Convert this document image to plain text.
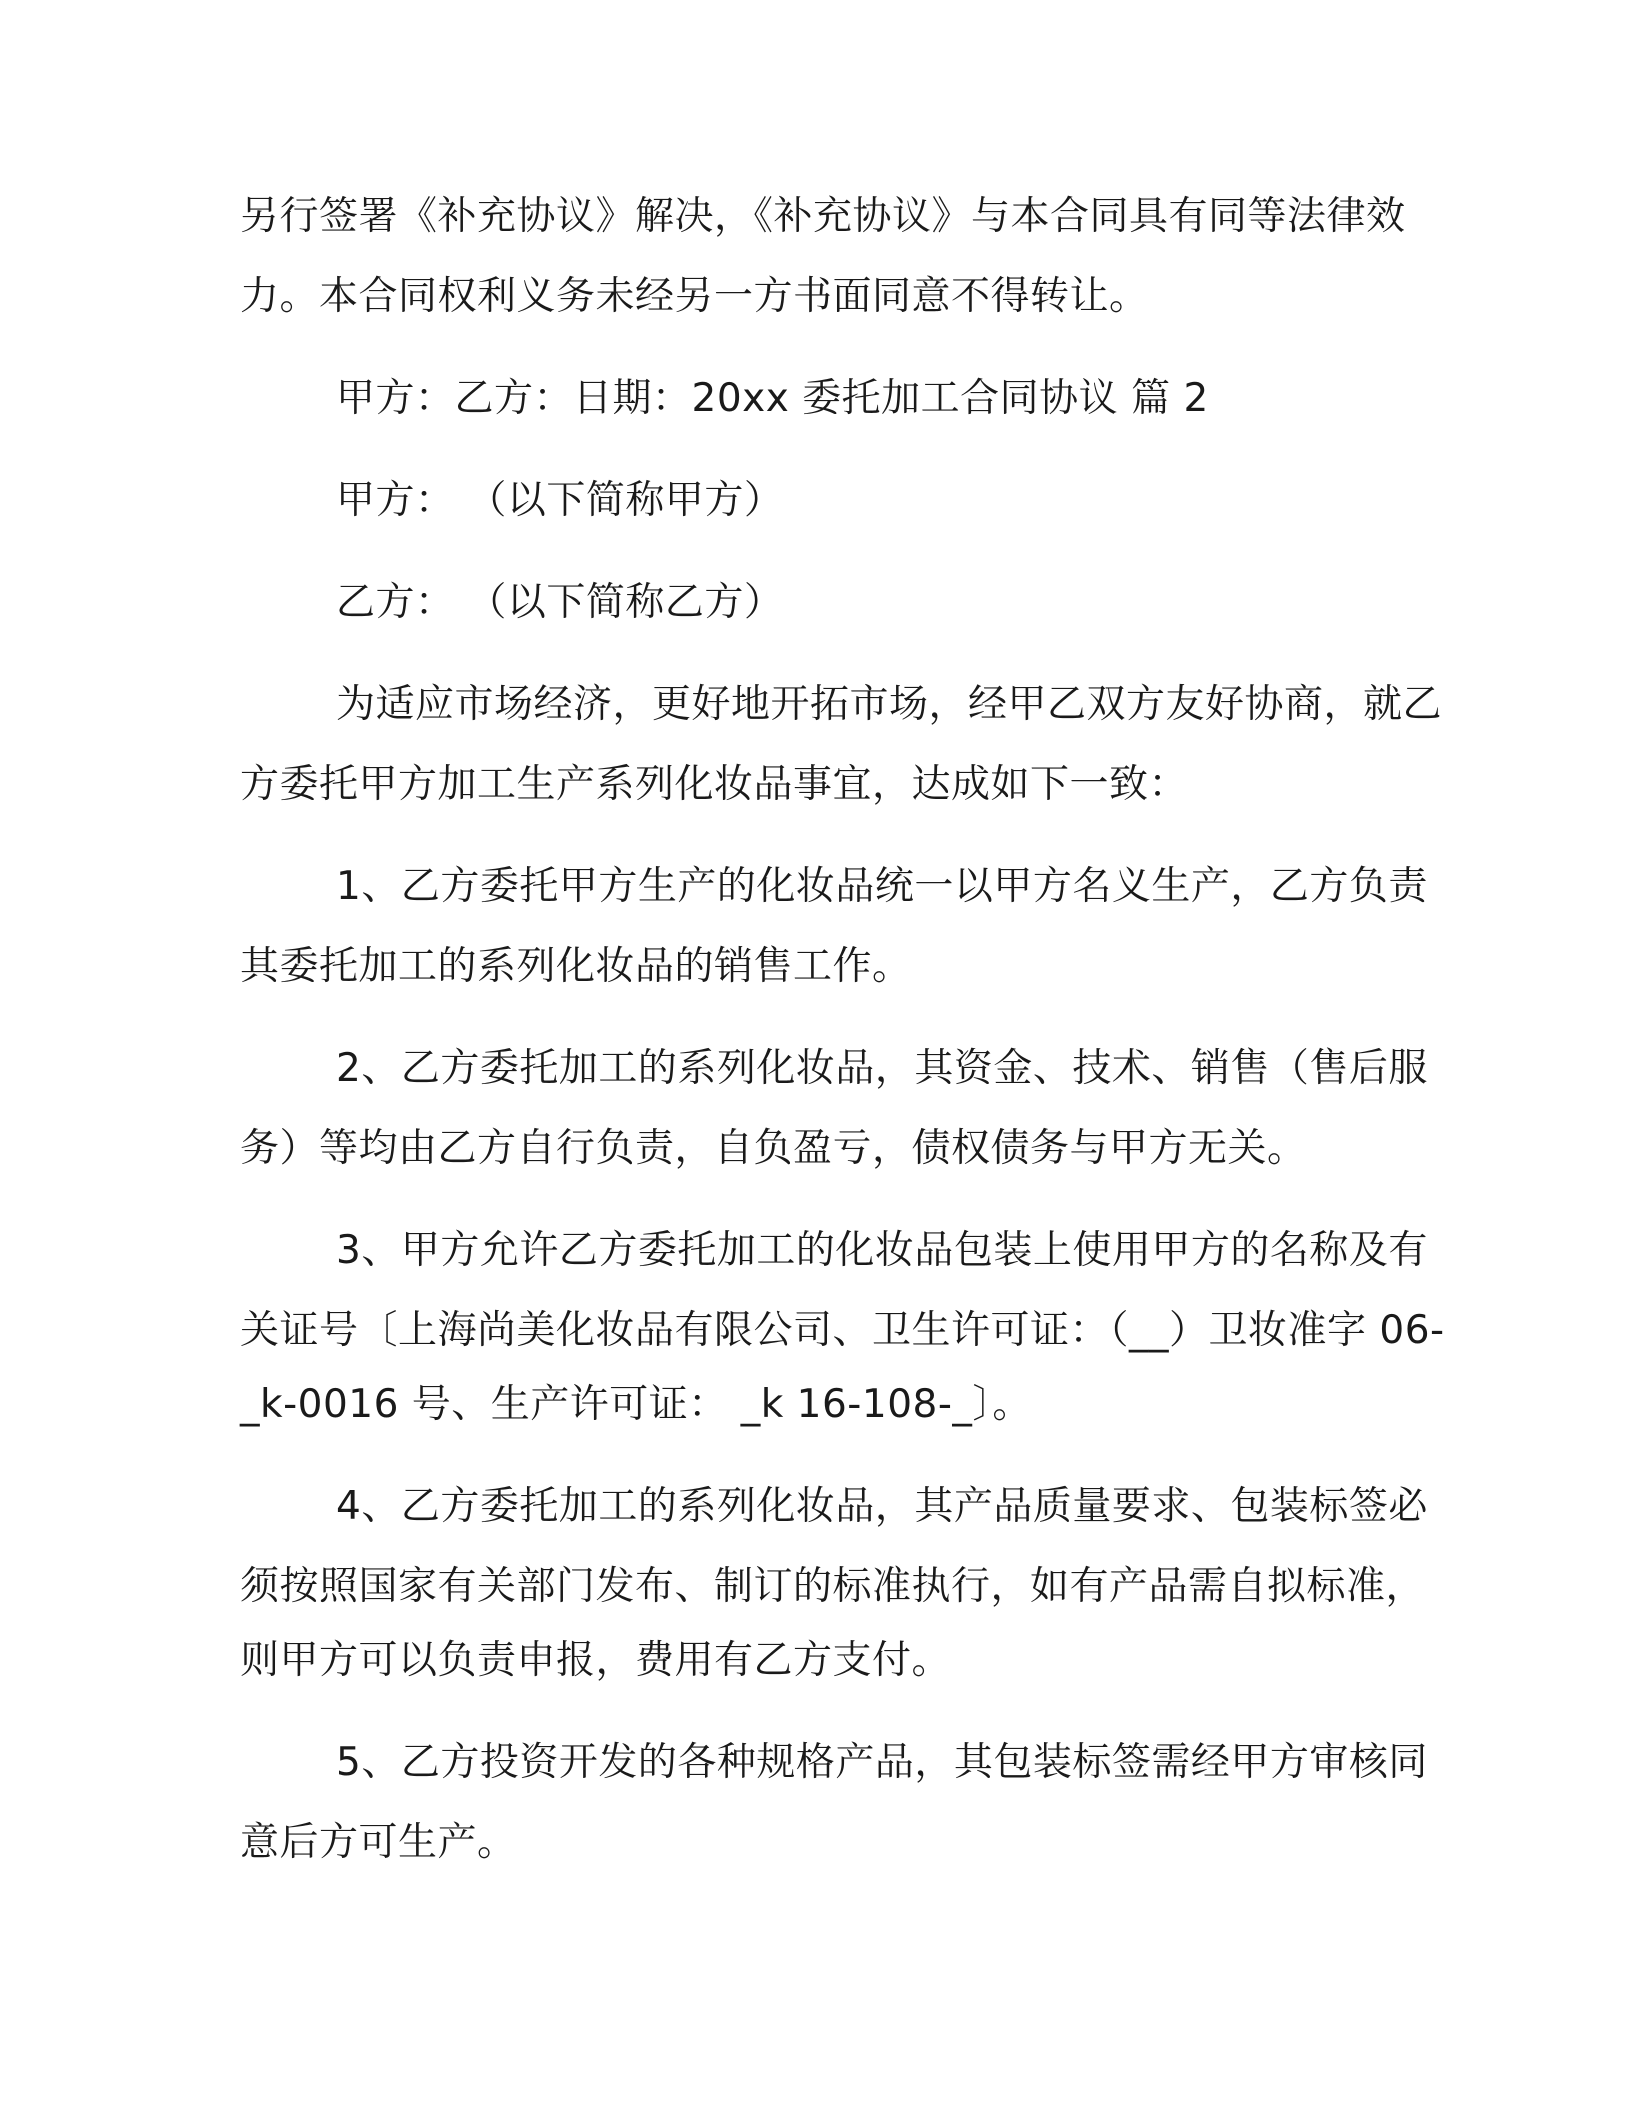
另行签署《补充协议》解决，《补充协议》与本合同具有同等法律效
力。本合同权利义务未经另一方书面同意不得转让。
甲方：乙方：日期：20xx 委托加工合同协议 篇 2
甲方： （以下简称甲方）
乙方： （以下简称乙方）
为适应市场经济，更好地开拓市场，经甲乙双方友好协商，就乙
方委托甲方加工生产系列化妆品事宜，达成如下一致：
1、乙方委托甲方生产的化妆品统一以甲方名义生产，乙方负责
其委托加工的系列化妆品的销售工作。
2、乙方委托加工的系列化妆品，其资金、技术、销售（售后服
务）等均由乙方自行负责，自负盈亏，债权债务与甲方无关。
3、甲方允许乙方委托加工的化妆品包装上使用甲方的名称及有
关证号〔上海尚美化妆品有限公司、卫生许可证：（__）卫妆准字 06-
_k-0016 号、生产许可证： _k 16-108-_〕。
4、乙方委托加工的系列化妆品，其产品质量要求、包装标签必
须按照国家有关部门发布、制订的标准执行，如有产品需自拟标准，
则甲方可以负责申报，费用有乙方支付。
5、乙方投资开发的各种规格产品，其包装标签需经甲方审核同
意后方可生产。
